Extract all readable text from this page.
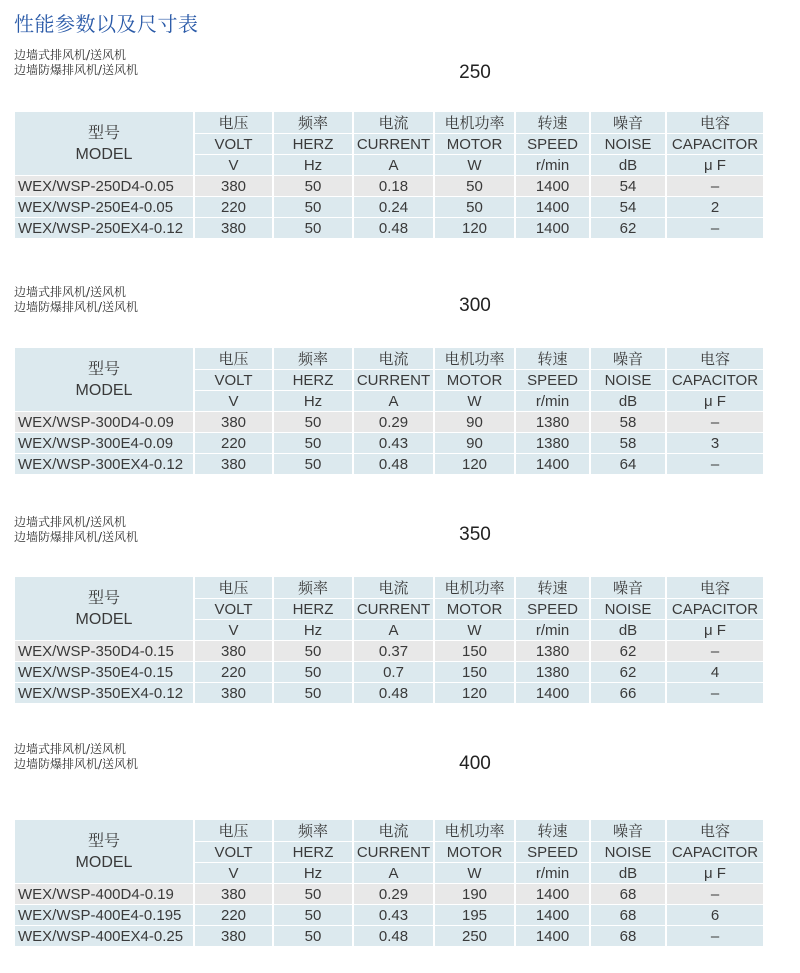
性能参数以及尺寸表
边墙式排风机/送风机
边墙防爆排风机/送风机	250
型号
MODEL	电压	频率	电流	电机功率	转速	噪音	电容
	VOLT	HERZ	CURRENT	MOTOR	SPEED	NOISE	CAPACITOR
	V	Hz	A	W	r/min	dB	μ F
WEX/WSP-250D4-0.05	380	50	0.18	50	1400	54	–
WEX/WSP-250E4-0.05	220	50	0.24	50	1400	54	2
WEX/WSP-250EX4-0.12	380	50	0.48	120	1400	62	–
边墙式排风机/送风机
边墙防爆排风机/送风机	300
型号
MODEL	电压	频率	电流	电机功率	转速	噪音	电容
	VOLT	HERZ	CURRENT	MOTOR	SPEED	NOISE	CAPACITOR
	V	Hz	A	W	r/min	dB	μ F
WEX/WSP-300D4-0.09	380	50	0.29	90	1380	58	–
WEX/WSP-300E4-0.09	220	50	0.43	90	1380	58	3
WEX/WSP-300EX4-0.12	380	50	0.48	120	1400	64	–
边墙式排风机/送风机
边墙防爆排风机/送风机	350
型号
MODEL	电压	频率	电流	电机功率	转速	噪音	电容
	VOLT	HERZ	CURRENT	MOTOR	SPEED	NOISE	CAPACITOR
	V	Hz	A	W	r/min	dB	μ F
WEX/WSP-350D4-0.15	380	50	0.37	150	1380	62	–
WEX/WSP-350E4-0.15	220	50	0.7	150	1380	62	4
WEX/WSP-350EX4-0.12	380	50	0.48	120	1400	66	–
边墙式排风机/送风机
边墙防爆排风机/送风机	400
型号
MODEL	电压	频率	电流	电机功率	转速	噪音	电容
	VOLT	HERZ	CURRENT	MOTOR	SPEED	NOISE	CAPACITOR
	V	Hz	A	W	r/min	dB	μ F
WEX/WSP-400D4-0.19	380	50	0.29	190	1400	68	–
WEX/WSP-400E4-0.195	220	50	0.43	195	1400	68	6
WEX/WSP-400EX4-0.25	380	50	0.48	250	1400	68	–
